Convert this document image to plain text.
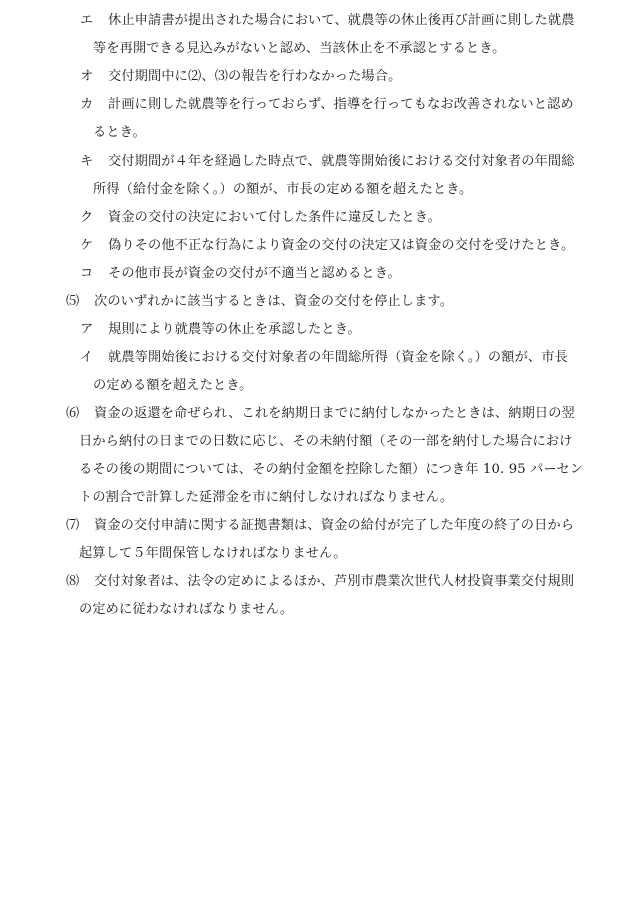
エ 休止申請書が提出された場合において、就農等の休止後再び計画に則した就農
等を再開できる見込みがないと認め、当該休止を不承認とするとき。
オ 交付期間中に⑵、⑶の報告を行わなかった場合。
カ 計画に則した就農等を行っておらず、指導を行ってもなお改善されないと認め
るとき。
キ 交付期間が４年を経過した時点で、就農等開始後における交付対象者の年間総
所得（給付金を除く。）の額が、市長の定める額を超えたとき。
ク 資金の交付の決定において付した条件に違反したとき。
ケ 偽りその他不正な行為により資金の交付の決定又は資金の交付を受けたとき。
コ その他市長が資金の交付が不適当と認めるとき。
⑸ 次のいずれかに該当するときは、資金の交付を停止します。
ア 規則により就農等の休止を承認したとき。
イ 就農等開始後における交付対象者の年間総所得（資金を除く。）の額が、市長
の定める額を超えたとき。
⑹ 資金の返還を命ぜられ、これを納期日までに納付しなかったときは、納期日の翌
日から納付の日までの日数に応じ、その未納付額（その一部を納付した場合におけ
るその後の期間については、その納付金額を控除した額）につき年 10. 95 パーセン
トの割合で計算した延滞金を市に納付しなければなりません。
⑺ 資金の交付申請に関する証拠書類は、資金の給付が完了した年度の終了の日から
起算して５年間保管しなければなりません。
⑻ 交付対象者は、法令の定めによるほか、芦別市農業次世代人材投資事業交付規則
の定めに従わなければなりません。
